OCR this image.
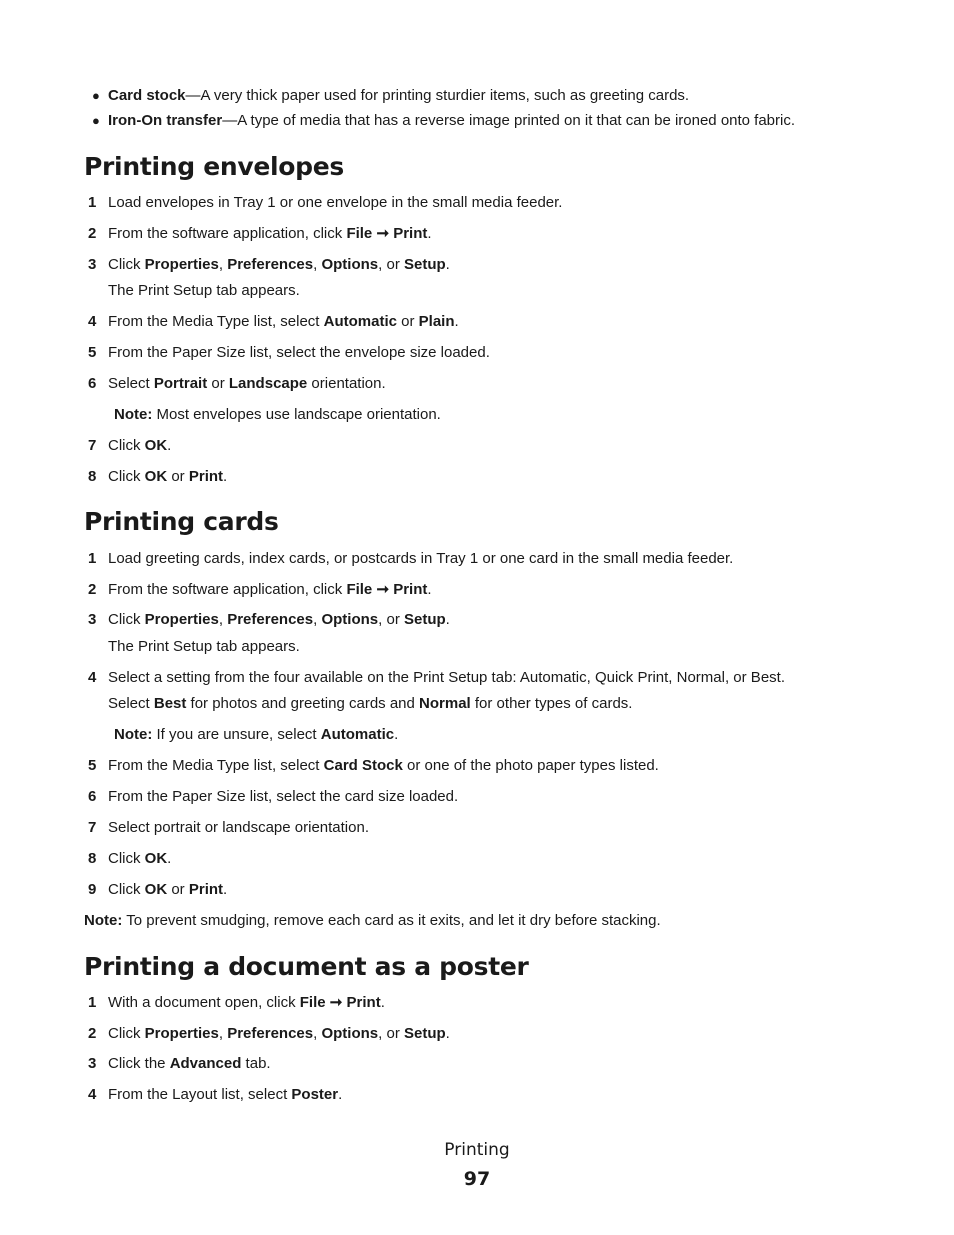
● Card stock—A very thick paper used for printing sturdier items, such as greeting cards.
● Iron-On transfer—A type of media that has a reverse image printed on it that can be ironed onto fabric.
Printing envelopes
1 Load envelopes in Tray 1 or one envelope in the small media feeder.
2 From the software application, click File ➞ Print.
3 Click Properties, Preferences, Options, or Setup.
The Print Setup tab appears.
4 From the Media Type list, select Automatic or Plain.
5 From the Paper Size list, select the envelope size loaded.
6 Select Portrait or Landscape orientation.
Note: Most envelopes use landscape orientation.
7 Click OK.
8 Click OK or Print.
Printing cards
1 Load greeting cards, index cards, or postcards in Tray 1 or one card in the small media feeder.
2 From the software application, click File ➞ Print.
3 Click Properties, Preferences, Options, or Setup.
The Print Setup tab appears.
4 Select a setting from the four available on the Print Setup tab: Automatic, Quick Print, Normal, or Best.
Select Best for photos and greeting cards and Normal for other types of cards.
Note: If you are unsure, select Automatic.
5 From the Media Type list, select Card Stock or one of the photo paper types listed.
6 From the Paper Size list, select the card size loaded.
7 Select portrait or landscape orientation.
8 Click OK.
9 Click OK or Print.
Note: To prevent smudging, remove each card as it exits, and let it dry before stacking.
Printing a document as a poster
1 With a document open, click File ➞ Print.
2 Click Properties, Preferences, Options, or Setup.
3 Click the Advanced tab.
4 From the Layout list, select Poster.
Printing
97
